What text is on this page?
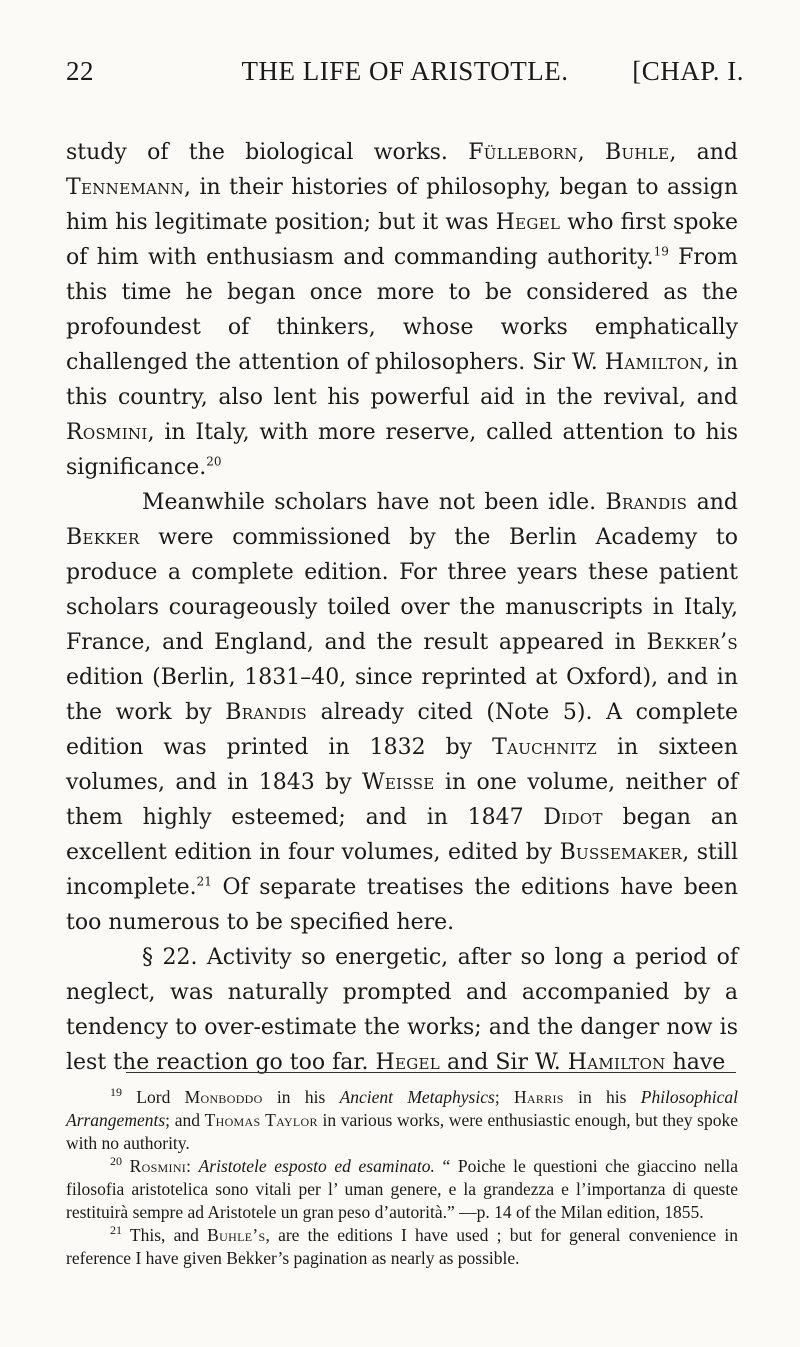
22	THE LIFE OF ARISTOTLE.	[CHAP. I.

study of the biological works. Fülleborn, Buhle, and Tennemann, in their histories of philosophy, began to assign him his legitimate position; but it was Hegel who first spoke of him with enthusiasm and commanding authority.$^{19}$ From this time he began once more to be considered as the profoundest of thinkers, whose works emphatically challenged the attention of philosophers. Sir W. Hamilton, in this country, also lent his powerful aid in the revival, and Rosmini, in Italy, with more reserve, called attention to his significance.$^{20}$

Meanwhile scholars have not been idle. Brandis and Bekker were commissioned by the Berlin Academy to produce a complete edition. For three years these patient scholars courageously toiled over the manuscripts in Italy, France, and England, and the result appeared in Bekker’s edition (Berlin, 1831–40, since reprinted at Oxford), and in the work by Brandis already cited (Note 5). A complete edition was printed in 1832 by Tauchnitz in sixteen volumes, and in 1843 by Weisse in one volume, neither of them highly esteemed; and in 1847 Didot began an excellent edition in four volumes, edited by Bussemaker, still incomplete.$^{21}$ Of separate treatises the editions have been too numerous to be specified here.

§ 22. Activity so energetic, after so long a period of neglect, was naturally prompted and accompanied by a tendency to over-estimate the works; and the danger now is lest the reaction go too far. Hegel and Sir W. Hamilton have

$^{19}$ Lord Monboddo in his Ancient Metaphysics; Harris in his Philosophical Arrangements; and Thomas Taylor in various works, were enthusiastic enough, but they spoke with no authority.

$^{20}$ Rosmini: Aristotele esposto ed esaminato. “ Poiche le questioni che giaccino nella filosofia aristotelica sono vitali per l’ uman genere, e la grandezza e l’importanza di queste restituirà sempre ad Aristotele un gran peso d’autorità.” —p. 14 of the Milan edition, 1855.

$^{21}$ This, and Buhle’s, are the editions I have used ; but for general convenience in reference I have given Bekker’s pagination as nearly as possible.
